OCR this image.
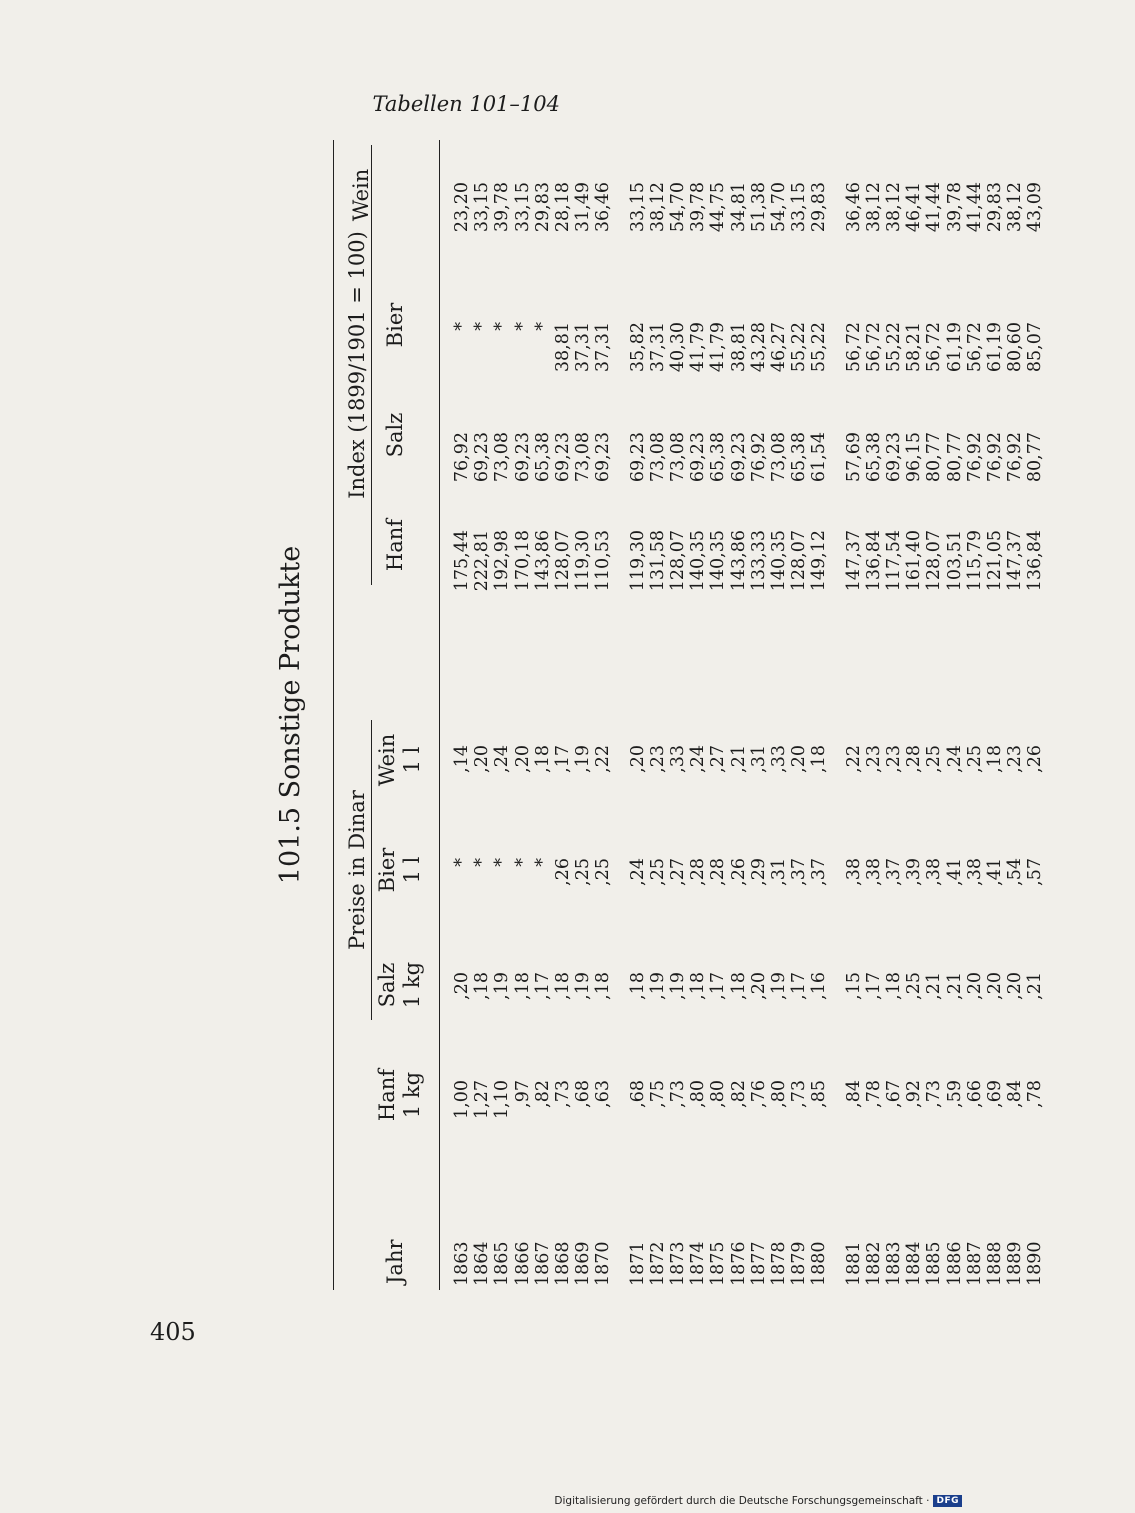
Tabellen 101–104
101.5 Sonstige Produkte Preise in Dinar
Index (1899/1901 = 100)
Jahr
Hanf 1 kg
Salz 1 kg
Bier 1 l
Wein 1 l
Hanf
Salz
Bier
Wein
1863
1,00
,20
*
,14
175,44
76,92
*
23,20
1864
1,27
,18
*
,20
222,81
69,23
*
33,15
1865
1,10
,19
*
,24
192,98
73,08
*
39,78
1866
,97
,18
*
,20
170,18
69,23
*
33,15
1867
,82
,17
*
,18
143,86
65,38
*
29,83
1868
,73
,18
,26
,17
128,07
69,23
38,81
28,18
1869
,68
,19
,25
,19
119,30
73,08
37,31
31,49
1870
,63
,18
,25
,22
110,53
69,23
37,31
36,46
1871
,68
,18
,24
,20
119,30
69,23
35,82
33,15
1872
,75
,19
,25
,23
131,58
73,08
37,31
38,12
1873
,73
,19
,27
,33
128,07
73,08
40,30
54,70
1874
,80
,18
,28
,24
140,35
69,23
41,79
39,78
1875
,80
,17
,28
,27
140,35
65,38
41,79
44,75
1876
,82
,18
,26
,21
143,86
69,23
38,81
34,81
1877
,76
,20
,29
,31
133,33
76,92
43,28
51,38
1878
,80
,19
,31
,33
140,35
73,08
46,27
54,70
1879
,73
,17
,37
,20
128,07
65,38
55,22
33,15
1880
,85
,16
,37
,18
149,12
61,54
55,22
29,83
1881
,84
,15
,38
,22
147,37
57,69
56,72
36,46
1882
,78
,17
,38
,23
136,84
65,38
56,72
38,12
1883
,67
,18
,37
,23
117,54
69,23
55,22
38,12
1884
,92
,25
,39
,28
161,40
96,15
58,21
46,41
1885
,73
,21
,38
,25
128,07
80,77
56,72
41,44
1886
,59
,21
,41
,24
103,51
80,77
61,19
39,78
1887
,66
,20
,38
,25
115,79
76,92
56,72
41,44
1888
,69
,20
,41
,18
121,05
76,92
61,19
29,83
1889
,84
,20
,54
,23
147,37
76,92
80,60
38,12
1890
,78
,21
,57
,26
136,84
80,77
85,07
43,09
405
Digitalisierung gefördert durch die Deutsche Forschungsgemeinschaft · DFG
